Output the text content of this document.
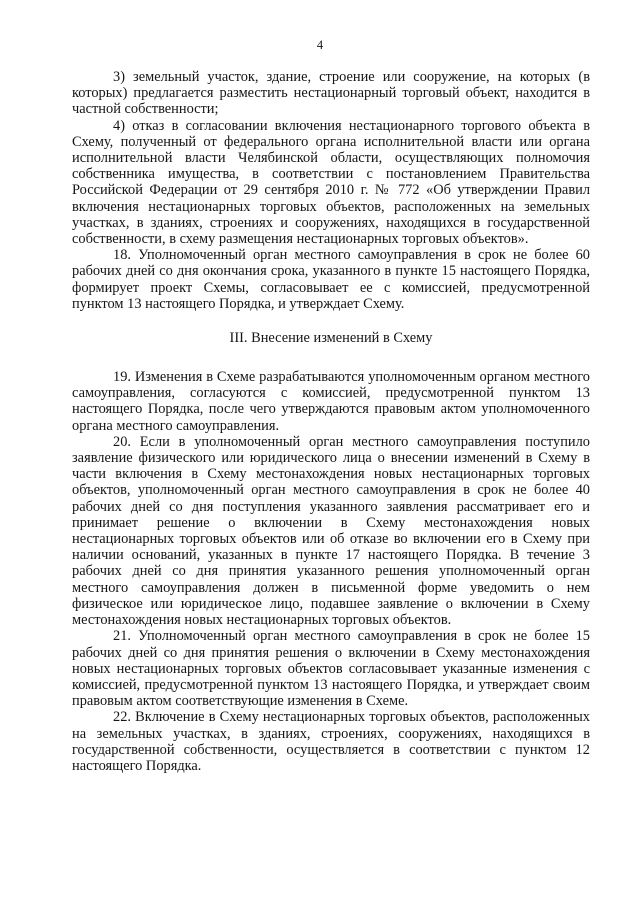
4

3) земельный участок, здание, строение или сооружение, на которых (в которых) предлагается разместить нестационарный торговый объект, находится в частной собственности;

4) отказ в согласовании включения нестационарного торгового объекта в Схему, полученный от федерального органа исполнительной власти или органа исполнительной власти Челябинской области, осуществляющих полномочия собственника имущества, в соответствии с постановлением Правительства Российской Федерации от 29 сентября 2010 г. № 772 «Об утверждении Правил включения нестационарных торговых объектов, расположенных на земельных участках, в зданиях, строениях и сооружениях, находящихся в государственной собственности, в схему размещения нестационарных торговых объектов».

18. Уполномоченный орган местного самоуправления в срок не более 60 рабочих дней со дня окончания срока, указанного в пункте 15 настоящего Порядка, формирует проект Схемы, согласовывает ее с комиссией, предусмотренной пунктом 13 настоящего Порядка, и утверждает Схему.

III. Внесение изменений в Схему

19. Изменения в Схеме разрабатываются уполномоченным органом местного самоуправления, согласуются с комиссией, предусмотренной пунктом 13 настоящего Порядка, после чего утверждаются правовым актом уполномоченного органа местного самоуправления.

20. Если в уполномоченный орган местного самоуправления поступило заявление физического или юридического лица о внесении изменений в Схему в части включения в Схему местонахождения новых нестационарных торговых объектов, уполномоченный орган местного самоуправления в срок не более 40 рабочих дней со дня поступления указанного заявления рассматривает его и принимает решение о включении в Схему местонахождения новых нестационарных торговых объектов или об отказе во включении его в Схему при наличии оснований, указанных в пункте 17 настоящего Порядка. В течение 3 рабочих дней со дня принятия указанного решения уполномоченный орган местного самоуправления должен в письменной форме уведомить о нем физическое или юридическое лицо, подавшее заявление о включении в Схему местонахождения новых нестационарных торговых объектов.

21. Уполномоченный орган местного самоуправления в срок не более 15 рабочих дней со дня принятия решения о включении в Схему местонахождения новых нестационарных торговых объектов согласовывает указанные изменения с комиссией, предусмотренной пунктом 13 настоящего Порядка, и утверждает своим правовым актом соответствующие изменения в Схеме.

22. Включение в Схему нестационарных торговых объектов, расположенных на земельных участках, в зданиях, строениях, сооружениях, находящихся в государственной собственности, осуществляется в соответствии с пунктом 12 настоящего Порядка.
